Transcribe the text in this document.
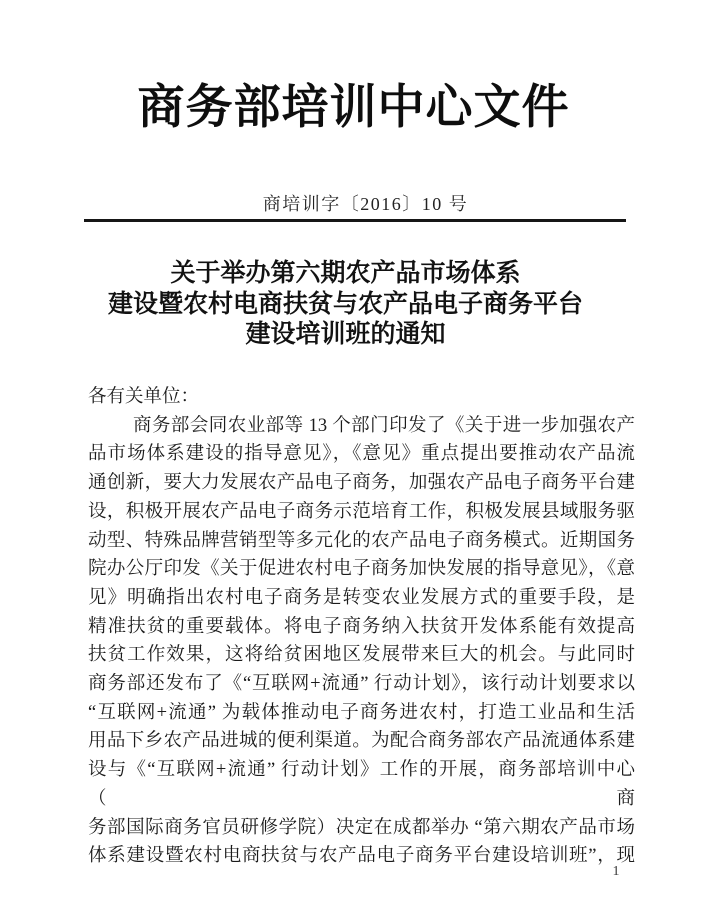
商务部培训中心文件
商培训字〔2016〕10 号
关于举办第六期农产品市场体系
建设暨农村电商扶贫与农产品电子商务平台
建设培训班的通知
各有关单位：
商务部会同农业部等 13 个部门印发了《关于进一步加强农产
品市场体系建设的指导意见》，《意见》重点提出要推动农产品流
通创新，要大力发展农产品电子商务，加强农产品电子商务平台建
设，积极开展农产品电子商务示范培育工作，积极发展县域服务驱
动型、特殊品牌营销型等多元化的农产品电子商务模式。近期国务
院办公厅印发《关于促进农村电子商务加快发展的指导意见》，《意
见》明确指出农村电子商务是转变农业发展方式的重要手段，是
精准扶贫的重要载体。将电子商务纳入扶贫开发体系能有效提高
扶贫工作效果，这将给贫困地区发展带来巨大的机会。与此同时
商务部还发布了《“互联网+流通” 行动计划》，该行动计划要求以
“互联网+流通” 为载体推动电子商务进农村，打造工业品和生活
用品下乡农产品进城的便利渠道。为配合商务部农产品流通体系建
设与《“互联网+流通” 行动计划》工作的开展，商务部培训中心（商
务部国际商务官员研修学院）决定在成都举办 “第六期农产品市场
体系建设暨农村电商扶贫与农产品电子商务平台建设培训班”，现
1
